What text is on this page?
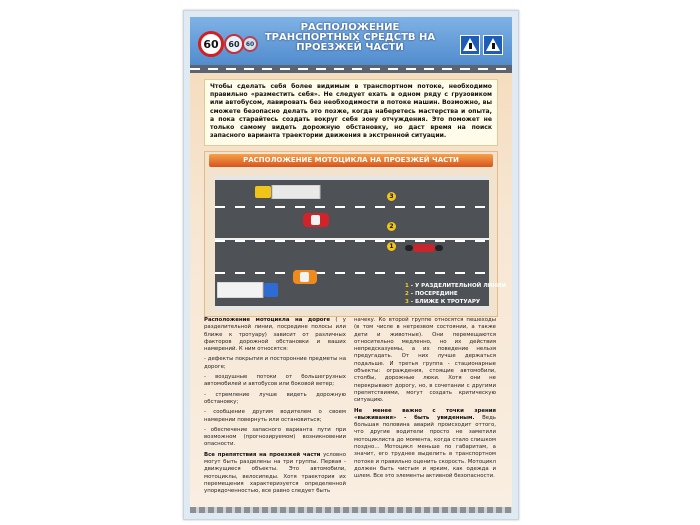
60 60 60
РАСПОЛОЖЕНИЕ ТРАНСПОРТНЫХ СРЕДСТВ НА ПРОЕЗЖЕЙ ЧАСТИ
Чтобы сделать себя более видимым в транспортном потоке, необходимо правильно «разместить себя». Не следует ехать в одном ряду с грузовиком или автобусом, лавировать без необходимости в потоке машин. Возможно, вы сможете безопасно делать это позже, когда наберетесь мастерства и опыта, а пока старайтесь создать вокруг себя зону отчуждения. Это поможет не только самому видеть дорожную обстановку, но даст время на поиск запасного варианта траектории движения в экстренной ситуации.
РАСПОЛОЖЕНИЕ МОТОЦИКЛА НА ПРОЕЗЖЕЙ ЧАСТИ
3
2
1
1 - У РАЗДЕЛИТЕЛЬНОЙ ЛИНИИ
2 - ПОСЕРЕДИНЕ
3 - БЛИЖЕ К ТРОТУАРУ

Расположение мотоцикла на дороге ( у разделительной линии, посредине полосы или ближе к тротуару) зависит от различных факторов дорожной обстановки и ваших намерений. К ним относятся:

- дефекты покрытия и посторонние предметы на дороге;

- воздушные потоки от большегрузных автомобилей и автобусов или боковой ветер;

- стремление лучше видеть дорожную обстановку;

- сообщение другим водителем о своем намерении повернуть или остановиться;

- обеспечение запасного варианта пути при возможном (прогнозируемом) возникновении опасности.

Все препятствия на проезжей части условно могут быть разделены на три группы. Первая - движущиеся объекты. Это автомобили, мотоциклы, велосипеды. Хотя траектория их перемещения характеризуется определенной упорядоченностью, все равно следует быть

начеку. Ко второй группе относятся пешеходы (в том числе в нетрезвом состоянии, а также дети и животные). Они перемещаются относительно медленно, но их действия непредсказуемы, а их поведение нельзя предугадать. От них лучше держаться подальше. И третья группа - стационарные объекты: ограждения, стоящие автомобили, столбы, дорожные люки. Хотя они не перекрывают дорогу, но, в сочетании с другими препятствиями, могут создать критическую ситуацию.

Не менее важно с точки зрения «выживания» - быть увиденным. Ведь большая половина аварий происходит оттого, что другие водители просто не заметили мотоциклиста до момента, когда стало слишком поздно… Мотоцикл меньше по габаритам, а значит, его труднее выделить в транспортном потоке и правильно оценить скорость. Мотоцикл должен быть чистым и ярким, как одежда и шлем. Все это элементы активной безопасности.
